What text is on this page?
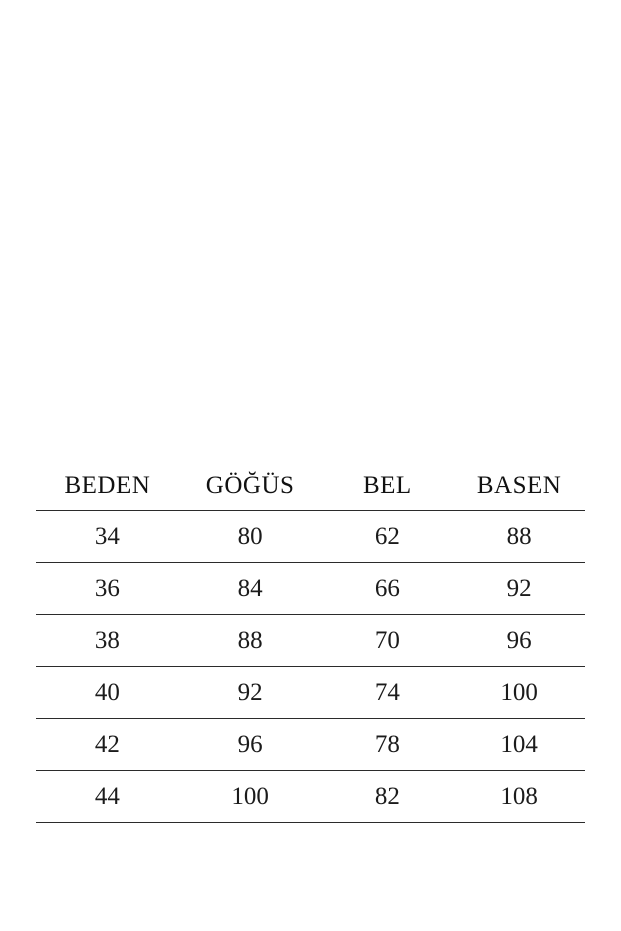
BEDEN	GÖĞÜS	BEL	BASEN
34	80	62	88
36	84	66	92
38	88	70	96
40	92	74	100
42	96	78	104
44	100	82	108
